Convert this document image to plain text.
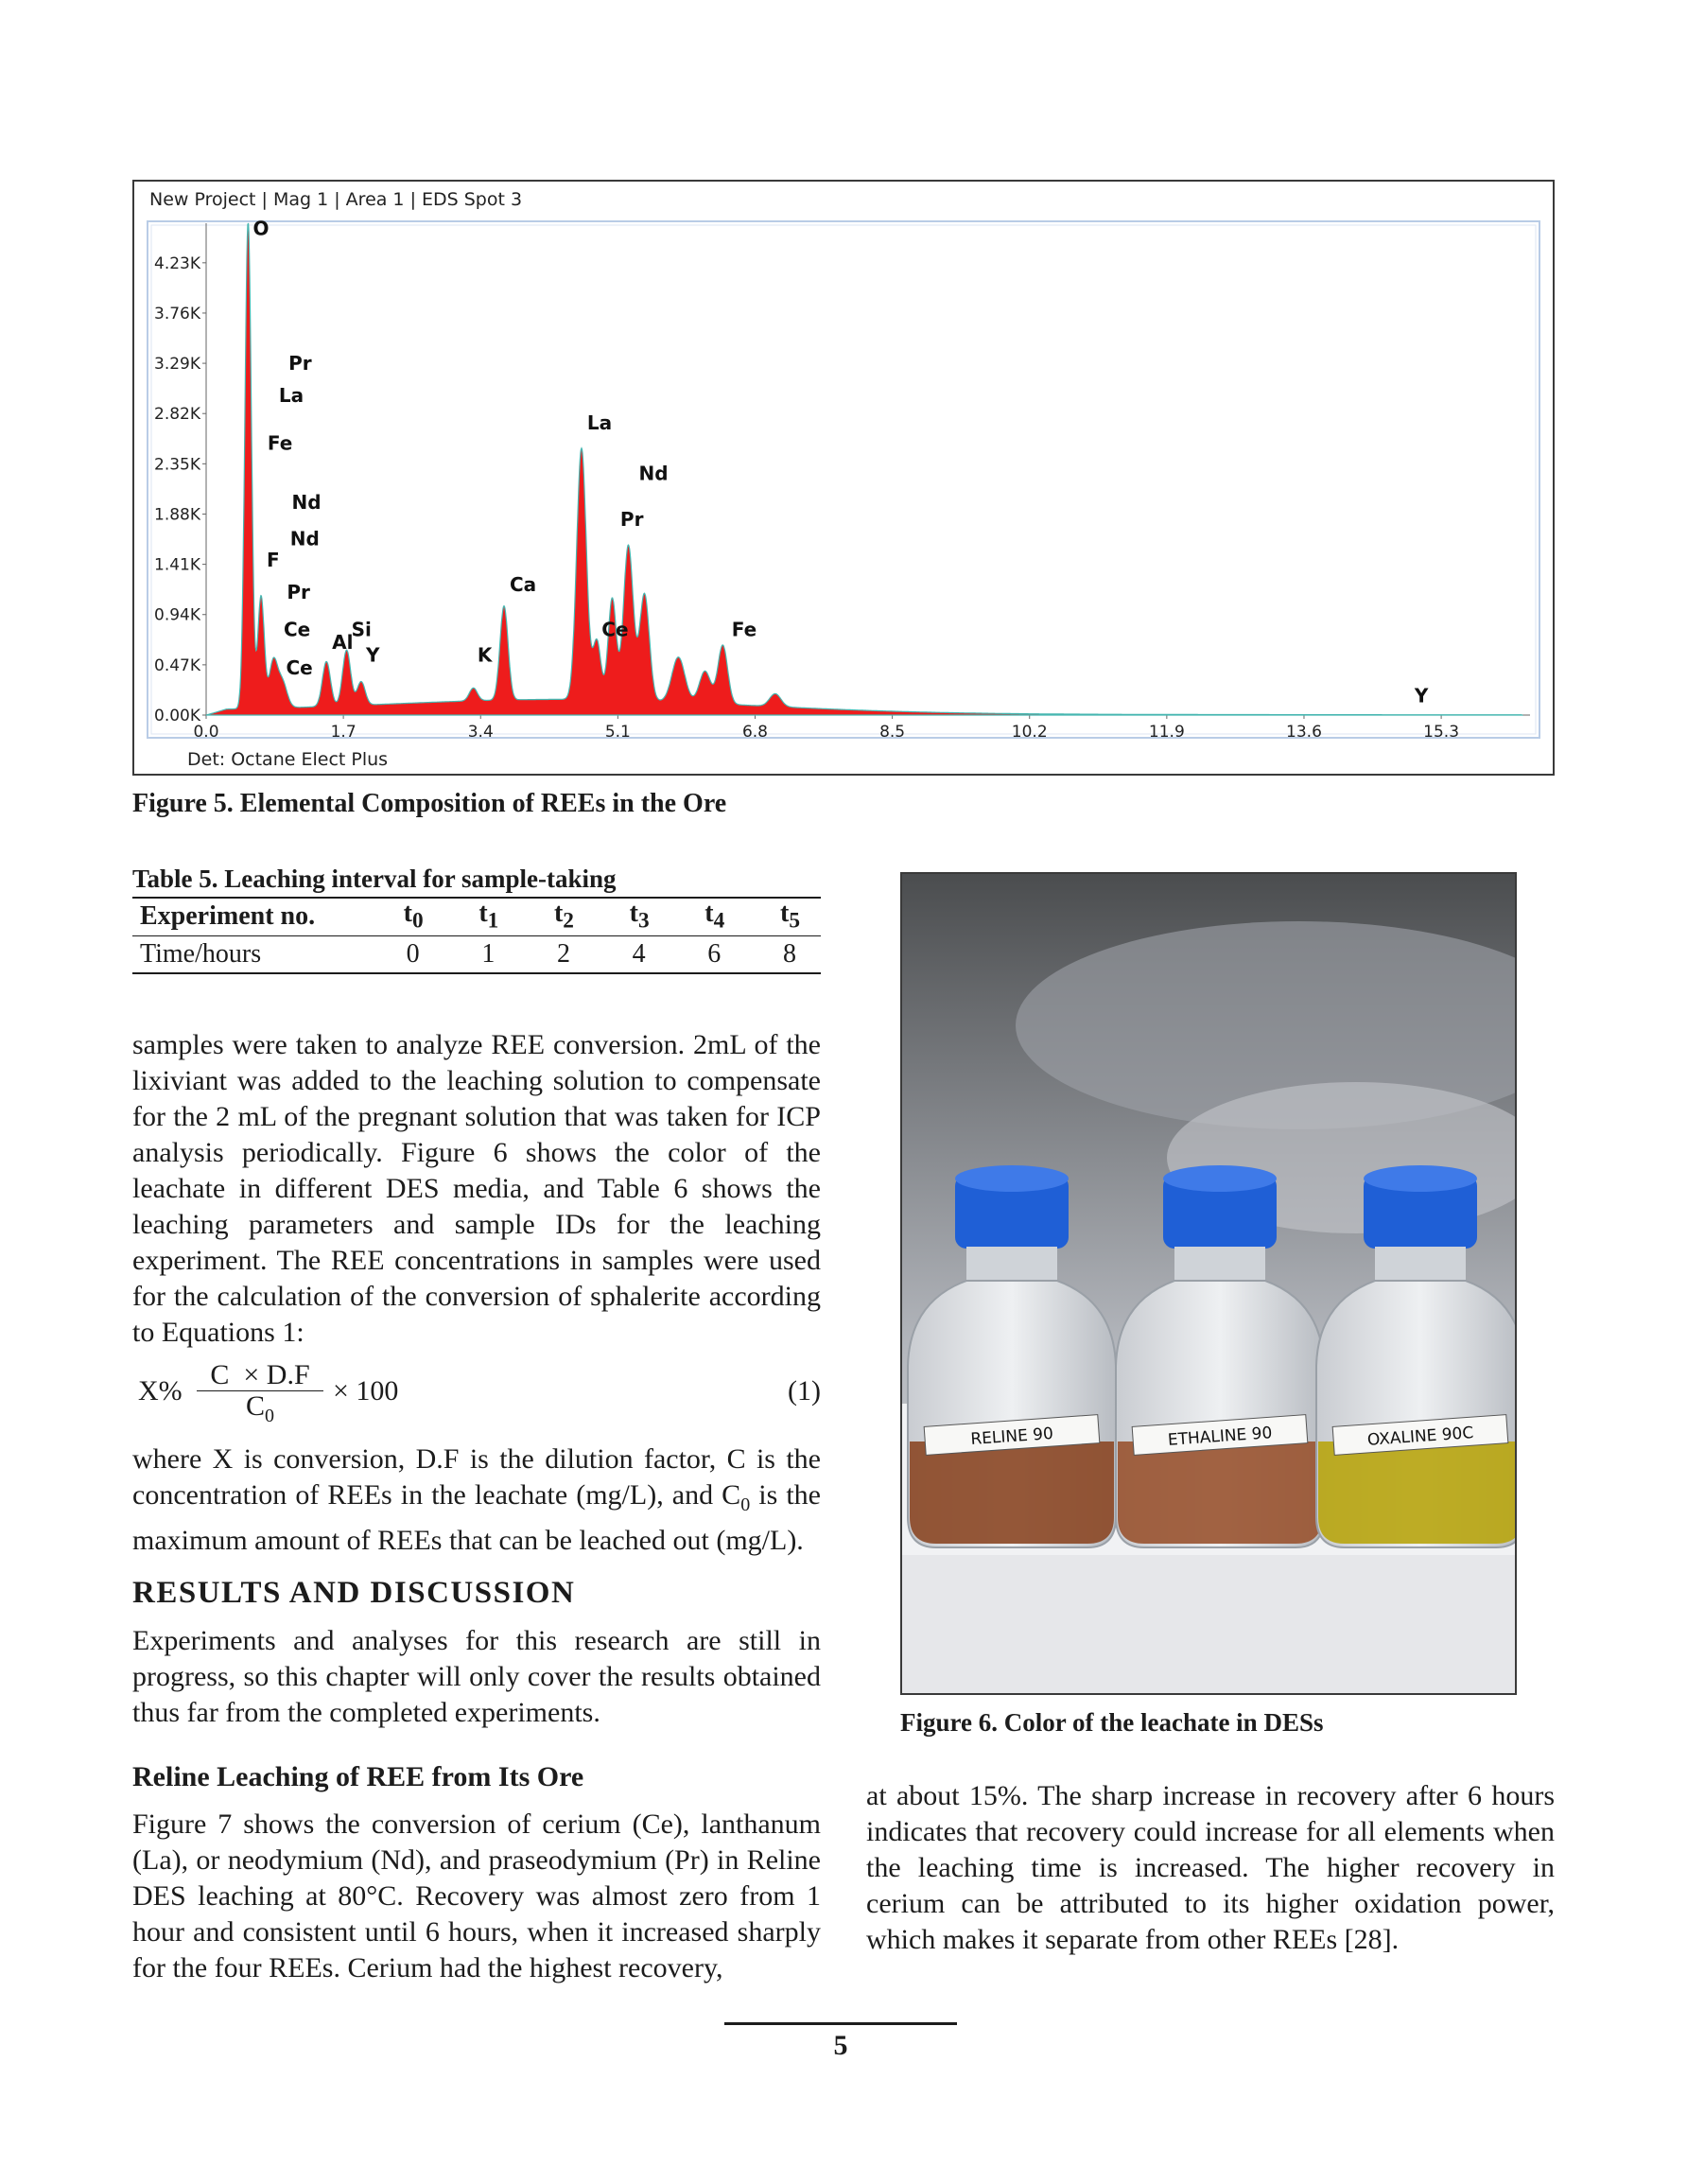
New Project | Mag 1 | Area 1 | EDS Spot 3
0.00K
0.47K
0.94K
1.41K
1.88K
2.35K
2.82K
3.29K
3.76K
4.23K
0.0	1.7	3.4	5.1	6.8	8.5	10.2	11.9	13.6	15.3
O
Pr
La
Fe
Nd
Nd
F
Pr
Ce
Ce
Al
Si
Y	K
Ca
La
Nd
Pr
Ce	Fe
Y
Det: Octane Elect Plus
Figure 5. Elemental Composition of REEs in the Ore
Table 5. Leaching interval for sample-taking
Experiment no.	$t_0$	$t_1$	$t_2$	$t_3$	$t_4$	$t_5$
Time/hours	0	1	2	4	6	8
samples were taken to analyze REE conversion. 2mL of the lixiviant was added to the leaching solution to compensate for the 2 mL of the pregnant solution that was taken for ICP analysis periodically. Figure 6 shows the color of the leachate in different DES media, and Table 6 shows the leaching parameters and sample IDs for the leaching experiment. The REE concentrations in samples were used for the calculation of the conversion of sphalerite according to Equations 1:
$X\% \frac{C \times D.F}{C_0} \times 100$	(1)
where X is conversion, D.F is the dilution factor, C is the concentration of REEs in the leachate (mg/L), and $C_0$ is the maximum amount of REEs that can be leached out (mg/L).
RESULTS AND DISCUSSION
Experiments and analyses for this research are still in progress, so this chapter will only cover the results obtained thus far from the completed experiments.
Reline Leaching of REE from Its Ore
Figure 7 shows the conversion of cerium (Ce), lanthanum (La), or neodymium (Nd), and praseodymium (Pr) in Reline DES leaching at 80°C. Recovery was almost zero from 1 hour and consistent until 6 hours, when it increased sharply for the four REEs. Cerium had the highest recovery,
RELINE 90	ETHALINE 90	OXALINE 90C
Figure 6. Color of the leachate in DESs
at about 15%. The sharp increase in recovery after 6 hours indicates that recovery could increase for all elements when the leaching time is increased. The higher recovery in cerium can be attributed to its higher oxidation power, which makes it separate from other REEs [28].
5
